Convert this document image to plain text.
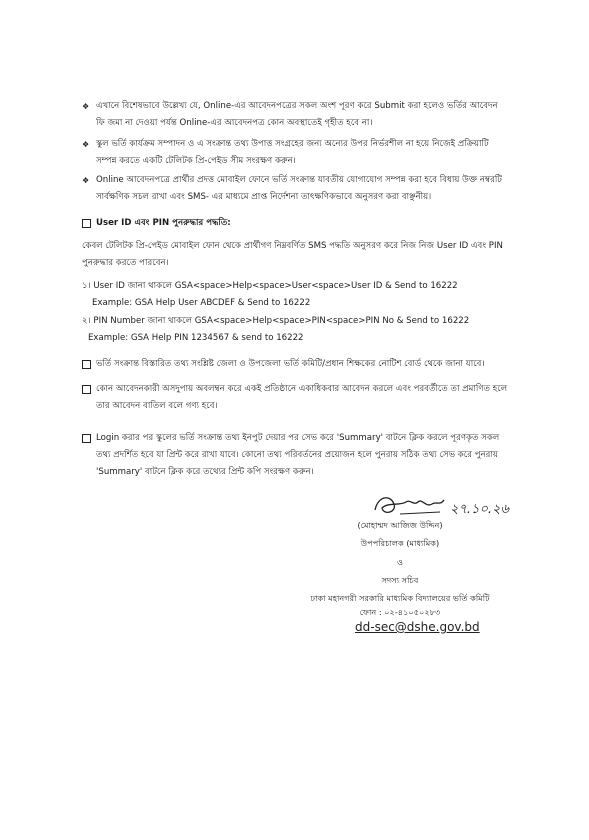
❖ এখানে বিশেষভাবে উল্লেখ্য যে, Online-এর আবেদনপত্রের সকল অংশ পূরণ করে Submit করা হলেও ভর্তির আবেদন ফি জমা না দেওয়া পর্যন্ত Online-এর আবেদনপত্র কোন অবস্থাতেই গৃহীত হবে না।
❖ স্কুল ভর্তি কার্যক্রম সম্পাদন ও এ সংক্রান্ত তথ্য উপাত্ত সংগ্রহের জন্য অন্যের উপর নির্ভরশীল না হয়ে নিজেই প্রক্রিয়াটি সম্পন্ন করতে একটি টেলিটক প্রি-পেইড সীম সংরক্ষণ করুন।
❖ Online আবেদনপত্রে প্রার্থীর প্রদত্ত মোবাইল ফোনে ভর্তি সংক্রান্ত যাবতীয় যোগাযোগ সম্পন্ন করা হবে বিধায় উক্ত নম্বরটি সার্বক্ষণিক সচল রাখা এবং SMS- এর মাধ্যমে প্রাপ্ত নির্দেশনা তাৎক্ষণিকভাবে অনুসরণ করা বাঞ্ছনীয়।
User ID এবং PIN পুনরুদ্ধার পদ্ধতি:
কেবল টেলিটক প্রি-পেইড মোবাইল ফোন থেকে প্রার্থীগণ নিম্নবর্ণিত SMS পদ্ধতি অনুসরণ করে নিজ নিজ User ID এবং PIN পুনরুদ্ধার করতে পারবেন।
১। User ID জানা থাকলে GSA<space>Help<space>User<space>User ID & Send to 16222
Example: GSA Help User ABCDEF & Send to 16222
২। PIN Number জানা থাকলে GSA<space>Help<space>PIN<space>PIN No & Send to 16222
Example: GSA Help PIN 1234567 & send to 16222
ভর্তি সংক্রান্ত বিস্তারিত তথ্য সংশ্লিষ্ট জেলা ও উপজেলা ভর্তি কমিটি/প্রধান শিক্ষকের নোটিশ বোর্ড থেকে জানা যাবে।
কোন আবেদনকারী অসদুপায় অবলম্বন করে একই প্রতিষ্ঠানে একাধিকবার আবেদন করলে এবং পরবর্তীতে তা প্রমাণিত হলে তার আবেদন বাতিল বলে গণ্য হবে।
Login করার পর স্কুলের ভর্তি সংক্রান্ত তথ্য ইনপুট দেয়ার পর সেভ করে 'Summary' বাটনে ক্লিক করলে পূরণকৃত সকল তথ্য প্রদর্শিত হবে যা প্রিন্ট করে রাখা যাবে। কোনো তথ্য পরিবর্তনের প্রয়োজন হলে পুনরায় সঠিক তথ্য সেভ করে পুনরায় 'Summary' বাটনে ক্লিক করে তথ্যের প্রিন্ট কপি সংরক্ষণ করুন।
২৭.১০.২৬
(মোহাম্মদ আজিজ উদ্দিন)
উপপরিচালক (মাধ্যমিক)
ও
সদস্য সচিব
ঢাকা মহানগরী সরকারি মাধ্যমিক বিদ্যালয়ের ভর্তি কমিটি
ফোন : ০২-৪১০৫০২৮৩
dd-sec@dshe.gov.bd
